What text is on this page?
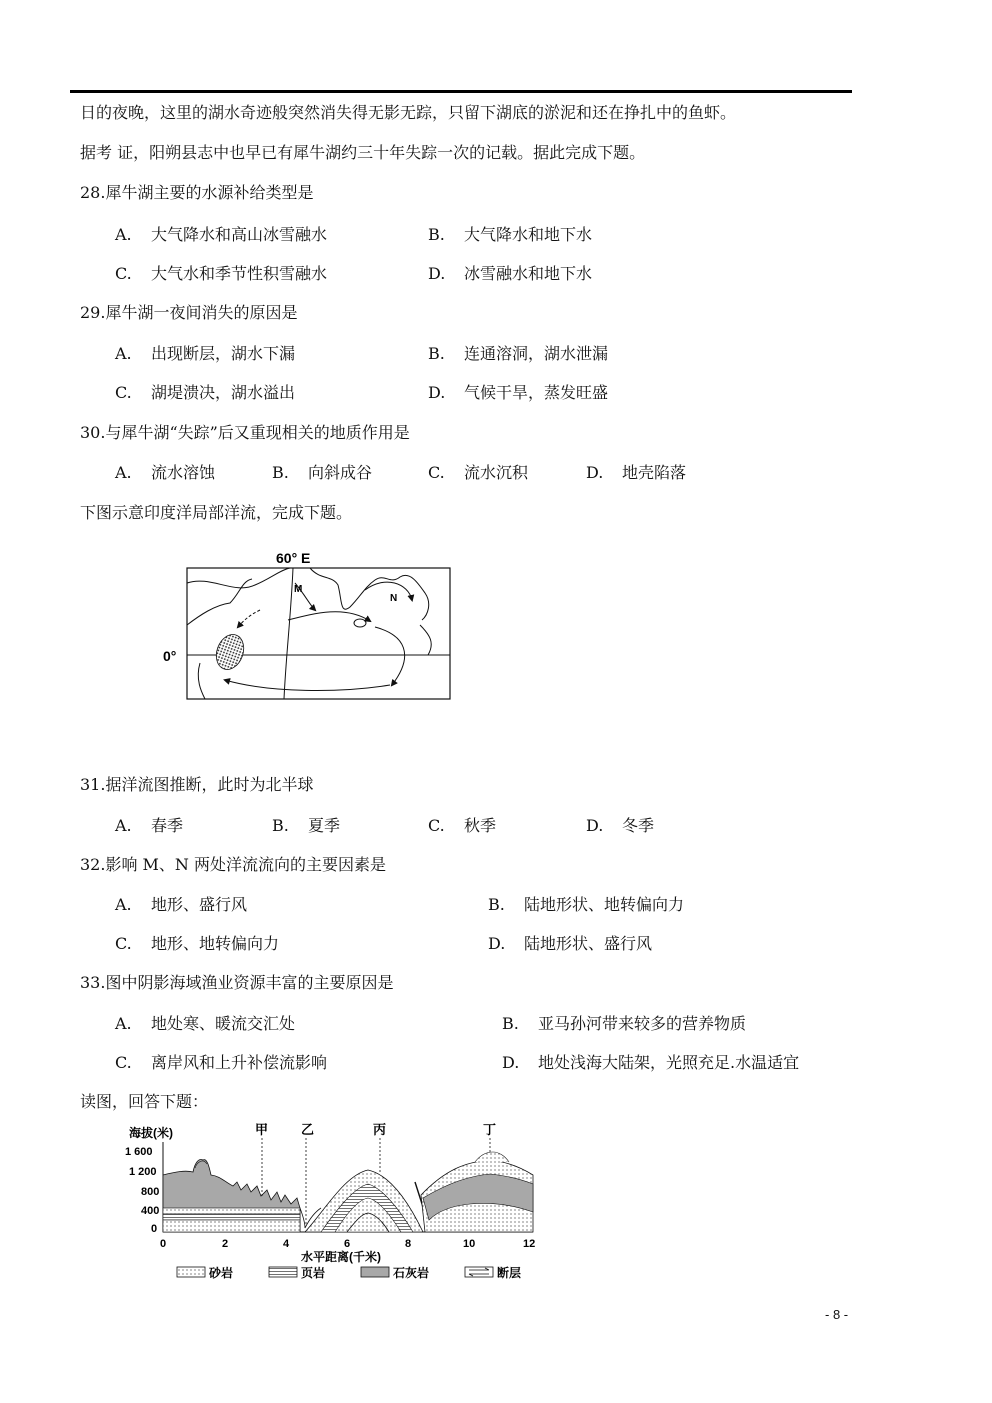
日的夜晚，这里的湖水奇迹般突然消失得无影无踪，只留下湖底的淤泥和还在挣扎中的鱼虾。
据考 证，阳朔县志中也早已有犀牛湖约三十年失踪一次的记载。据此完成下题。
28.犀牛湖主要的水源补给类型是
A. 大气降水和高山冰雪融水	B. 大气降水和地下水
C. 大气水和季节性积雪融水	D. 冰雪融水和地下水
29.犀牛湖一夜间消失的原因是
A. 出现断层，湖水下漏	B. 连通溶洞，湖水泄漏
C. 湖堤溃决，湖水溢出	D. 气候干旱，蒸发旺盛
30.与犀牛湖“失踪”后又重现相关的地质作用是
A. 流水溶蚀	B. 向斜成谷	C. 流水沉积	D. 地壳陷落
下图示意印度洋局部洋流，完成下题。
60° E
0°
M
N
31.据洋流图推断，此时为北半球
A. 春季	B. 夏季	C. 秋季	D. 冬季
32.影响 M、N 两处洋流流向的主要因素是
A. 地形、盛行风	B. 陆地形状、地转偏向力
C. 地形、地转偏向力	D. 陆地形状、盛行风
33.图中阴影海域渔业资源丰富的主要原因是
A. 地处寒、暖流交汇处	B. 亚马孙河带来较多的营养物质
C. 离岸风和上升补偿流影响	D. 地处浅海大陆架，光照充足.水温适宜
读图，回答下题：
海拔(米)
1 600
1 200
800
400
0
甲	乙	丙	丁
0	2	4	6	8	10	12
水平距离(千米)
砂岩	页岩	石灰岩	断层
- 8 -
